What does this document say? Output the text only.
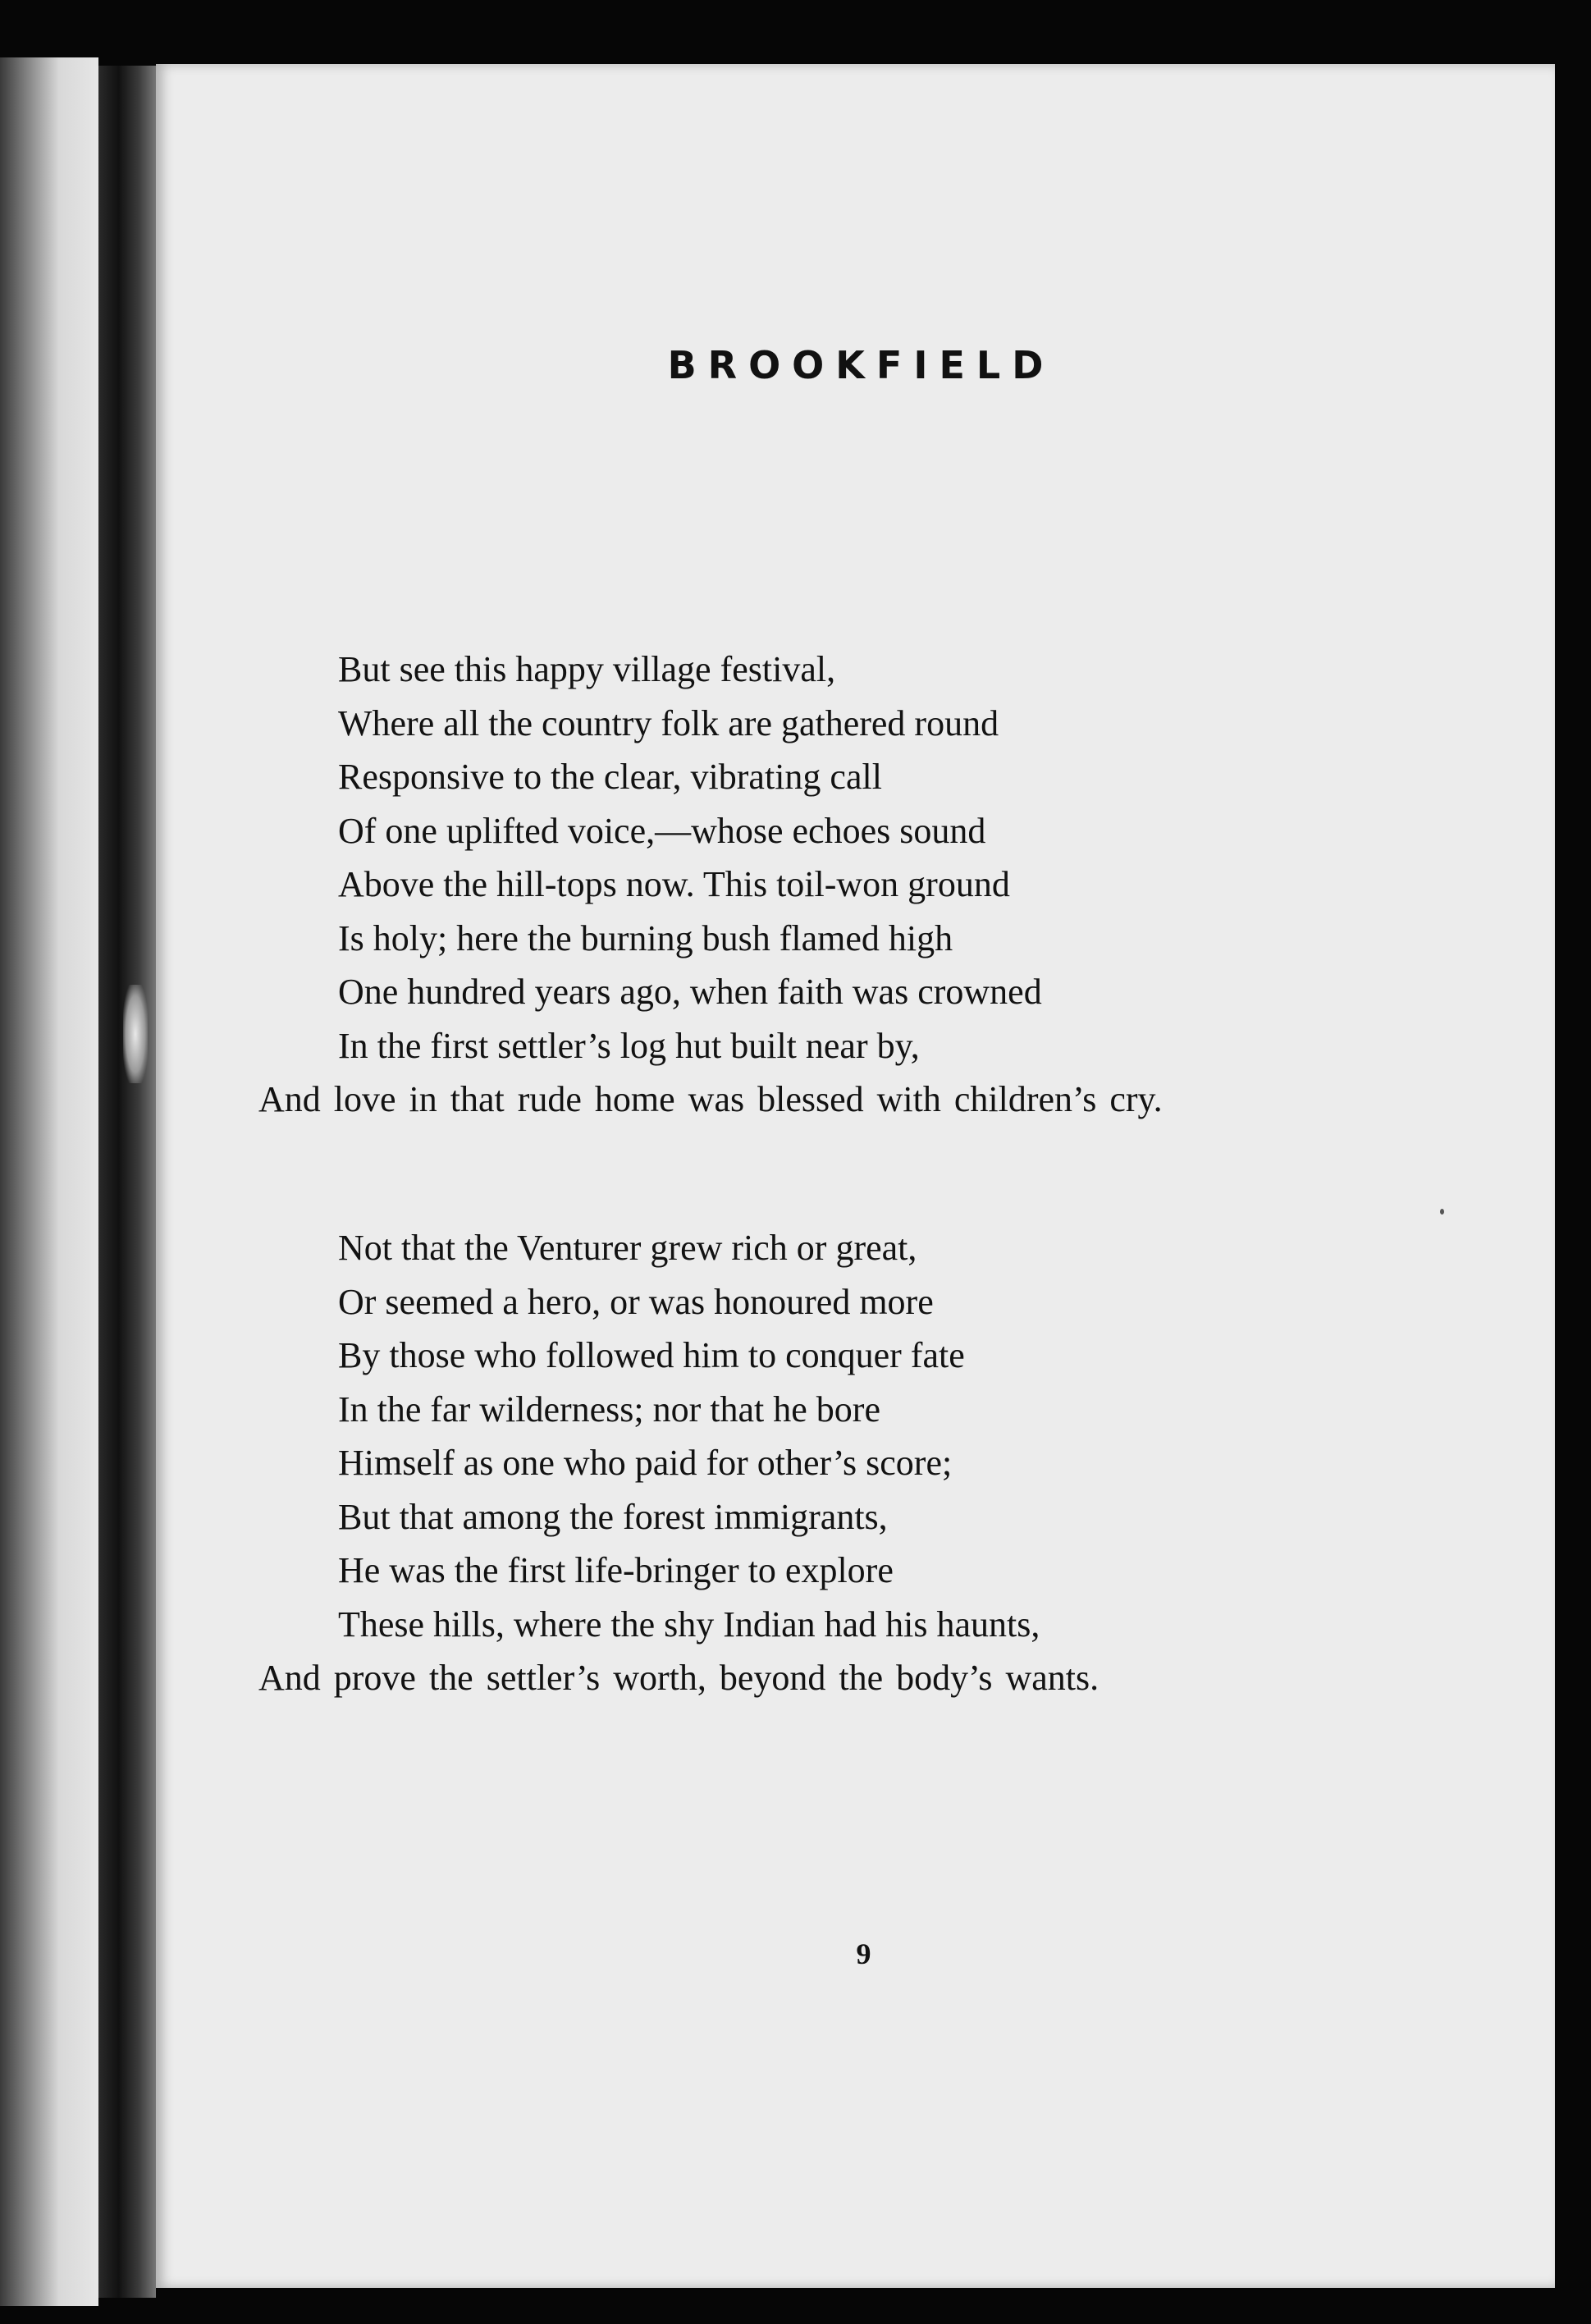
BROOKFIELD
But see this happy village festival,
Where all the country folk are gathered round
Responsive to the clear, vibrating call
Of one uplifted voice,—whose echoes sound
Above the hill-tops now. This toil-won ground
Is holy; here the burning bush flamed high
One hundred years ago, when faith was crowned
In the first settler’s log hut built near by,
And love in that rude home was blessed with children’s cry.
Not that the Venturer grew rich or great,
Or seemed a hero, or was honoured more
By those who followed him to conquer fate
In the far wilderness; nor that he bore
Himself as one who paid for other’s score;
But that among the forest immigrants,
He was the first life-bringer to explore
These hills, where the shy Indian had his haunts,
And prove the settler’s worth, beyond the body’s wants.
9
